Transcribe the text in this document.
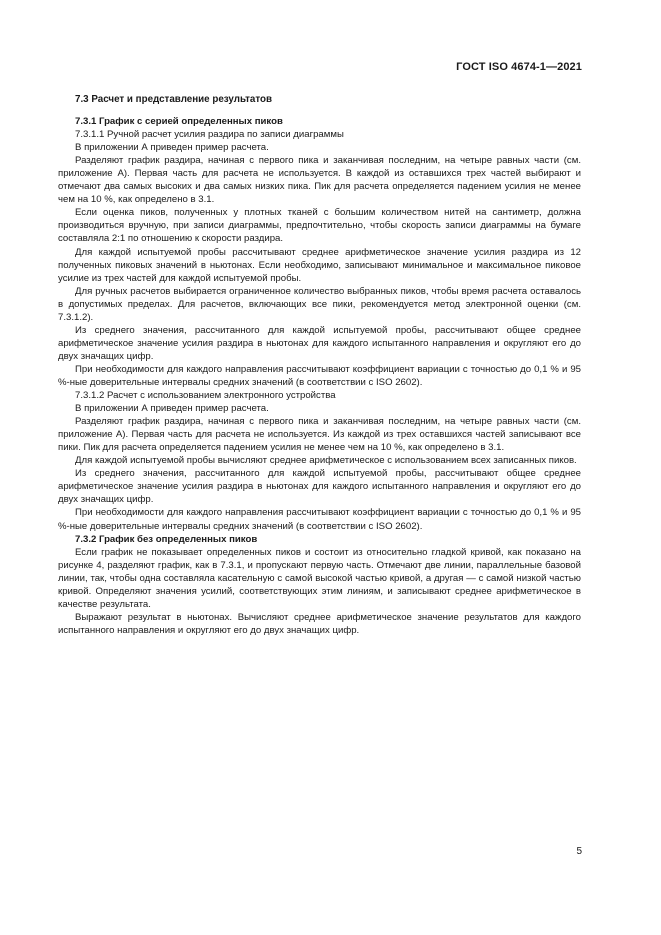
ГОСТ ISO 4674-1—2021
7.3 Расчет и представление результатов
7.3.1 График с серией определенных пиков

7.3.1.1 Ручной расчет усилия раздира по записи диаграммы

В приложении А приведен пример расчета.

Разделяют график раздира, начиная с первого пика и заканчивая последним, на четыре равных части (см. приложение А). Первая часть для расчета не используется. В каждой из оставшихся трех частей выбирают и отмечают два самых высоких и два самых низких пика. Пик для расчета определяется падением усилия не менее чем на 10 %, как определено в 3.1.

Если оценка пиков, полученных у плотных тканей с большим количеством нитей на сантиметр, должна производиться вручную, при записи диаграммы, предпочтительно, чтобы скорость записи диаграммы на бумаге составляла 2:1 по отношению к скорости раздира.

Для каждой испытуемой пробы рассчитывают среднее арифметическое значение усилия раздира из 12 полученных пиковых значений в ньютонах. Если необходимо, записывают минимальное и максимальное пиковое усилие из трех частей для каждой испытуемой пробы.

Для ручных расчетов выбирается ограниченное количество выбранных пиков, чтобы время расчета оставалось в допустимых пределах. Для расчетов, включающих все пики, рекомендуется метод электронной оценки (см. 7.3.1.2).

Из среднего значения, рассчитанного для каждой испытуемой пробы, рассчитывают общее среднее арифметическое значение усилия раздира в ньютонах для каждого испытанного направления и округляют его до двух значащих цифр.

При необходимости для каждого направления рассчитывают коэффициент вариации с точностью до 0,1 % и 95 %-ные доверительные интервалы средних значений (в соответствии с ISO 2602).

7.3.1.2 Расчет с использованием электронного устройства

В приложении А приведен пример расчета.

Разделяют график раздира, начиная с первого пика и заканчивая последним, на четыре равных части (см. приложение А). Первая часть для расчета не используется. Из каждой из трех оставшихся частей записывают все пики. Пик для расчета определяется падением усилия не менее чем на 10 %, как определено в 3.1.

Для каждой испытуемой пробы вычисляют среднее арифметическое с использованием всех записанных пиков.

Из среднего значения, рассчитанного для каждой испытуемой пробы, рассчитывают общее среднее арифметическое значение усилия раздира в ньютонах для каждого испытанного направления и округляют его до двух значащих цифр.

При необходимости для каждого направления рассчитывают коэффициент вариации с точностью до 0,1 % и 95 %-ные доверительные интервалы средних значений (в соответствии с ISO 2602).

7.3.2 График без определенных пиков

Если график не показывает определенных пиков и состоит из относительно гладкой кривой, как показано на рисунке 4, разделяют график, как в 7.3.1, и пропускают первую часть. Отмечают две линии, параллельные базовой линии, так, чтобы одна составляла касательную с самой высокой частью кривой, а другая — с самой низкой частью кривой. Определяют значения усилий, соответствующих этим линиям, и записывают среднее арифметическое в качестве результата.

Выражают результат в ньютонах. Вычисляют среднее арифметическое значение результатов для каждого испытанного направления и округляют его до двух значащих цифр.

5
